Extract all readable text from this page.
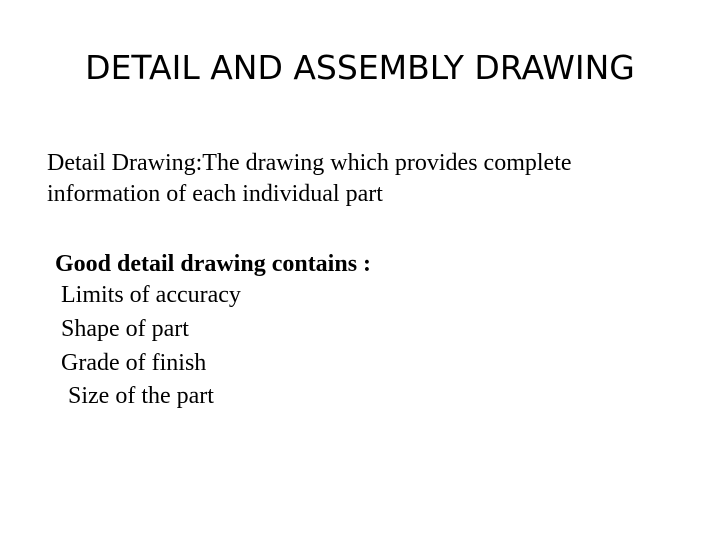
DETAIL AND ASSEMBLY DRAWING
Detail Drawing:The drawing which provides complete information of each individual part
Good detail drawing contains :
Limits of accuracy
Shape of part
Grade of finish
Size of the part
